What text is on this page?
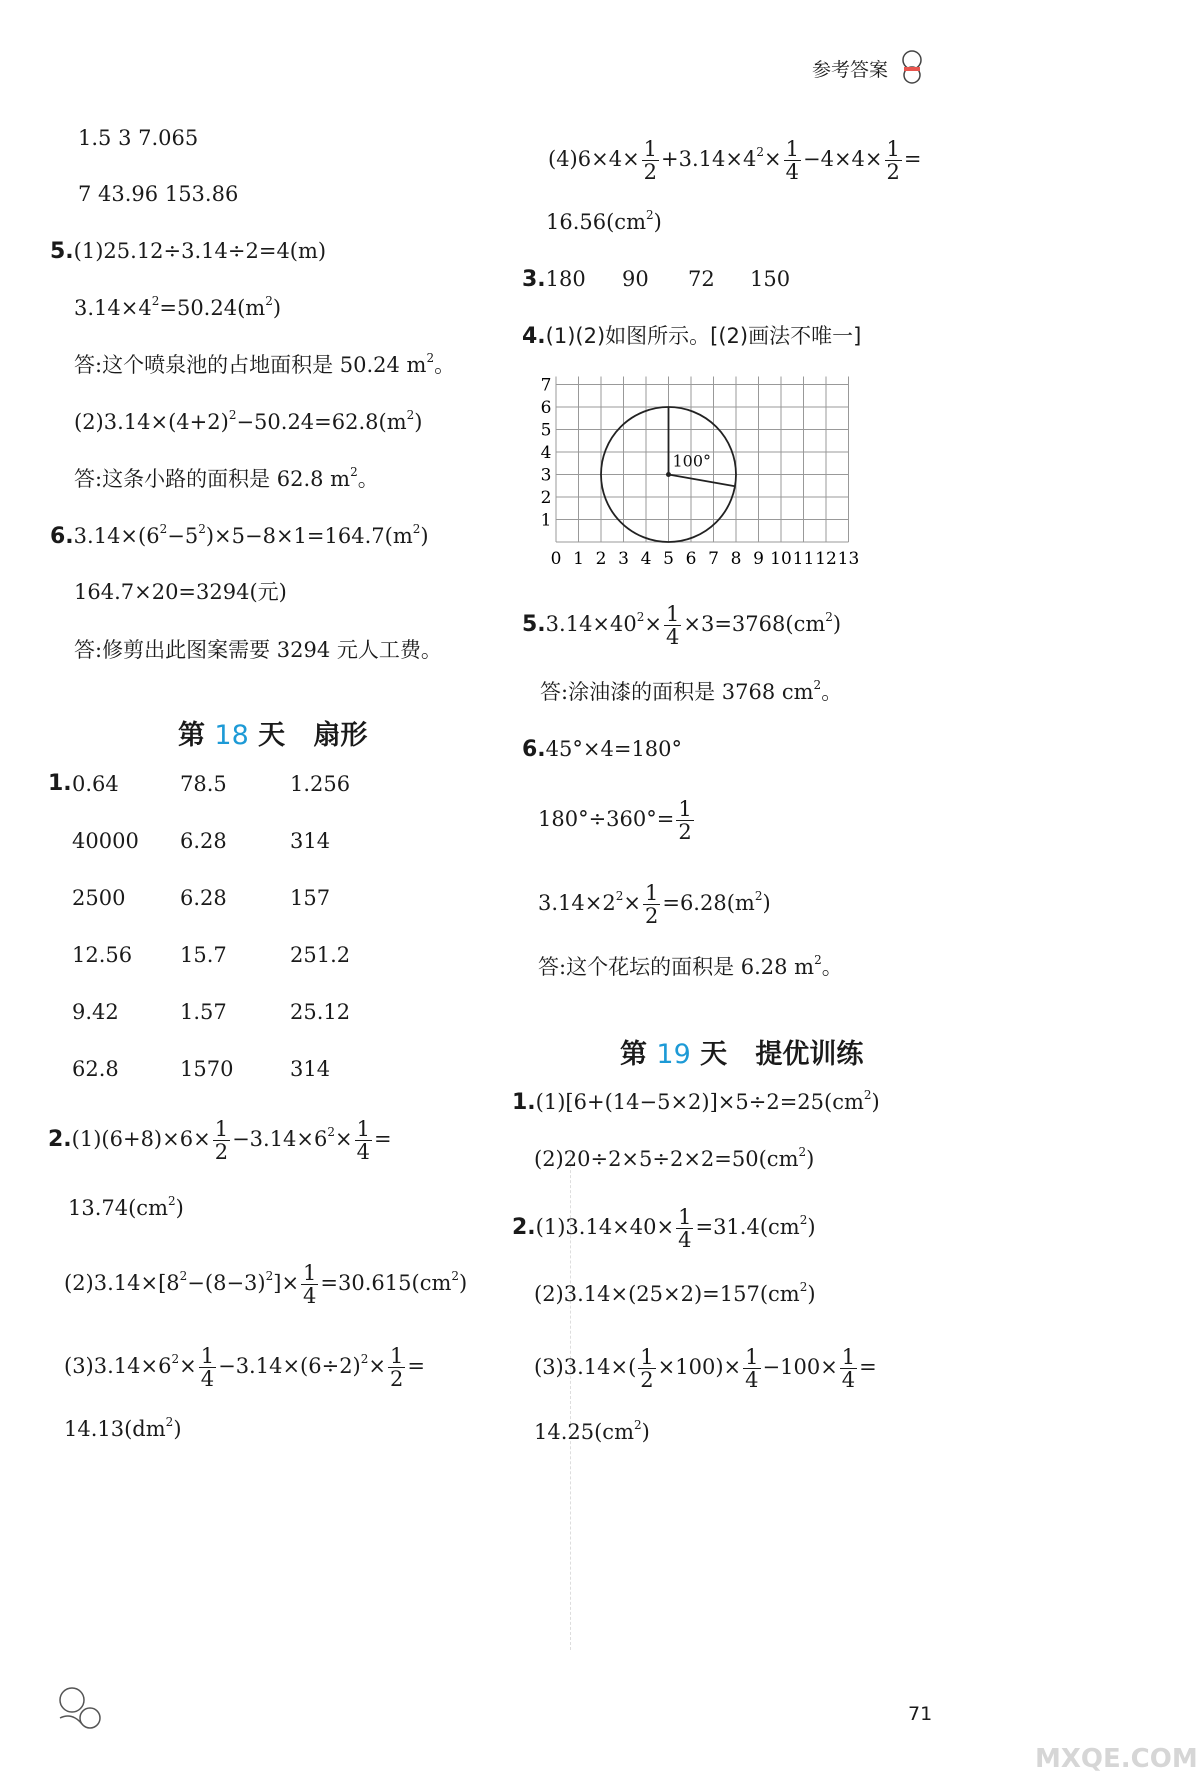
参考答案
1.5 3 7.065
7 43.96 153.86
5.(1)25.12÷3.14÷2=4(m)
$3.14\times 4^2=50.24(m^2)$
答:这个喷泉池的占地面积是 50.24 $m^2$。
$(2)3.14\times(4+2)^2-50.24=62.8(m^2)$
答:这条小路的面积是 62.8 $m^2$。
$6.3.14\times(6^2-5^2)\times 5-8\times 1=164.7(m^2)$
164.7×20=3294(元)
答:修剪出此图案需要 3294 元人工费。
第 18 天 扇形
1. 0.64	78.5	1.256
40000 6.28	314
2500	6.28	157
12.56 15.7	251.2
9.42	1.57	25.12
62.8	1570	314
$2.(1)(6+8)\times 6\times \frac{1}{2} -3.14\times 6^2\times \frac{1}{4}$ =
$13.74(cm^2)$
$(2)3.14\times[8^2-(8-3)^2]\times \frac{1}{4} =30.615(cm^2)$
$(3)3.14\times 6^2\times \frac{1}{4} -3.14\times(6\div 2)^2\times \frac{1}{2}$ =
$14.13(dm^2)$
$(4)6\times 4\times \frac{1}{2} +3.14\times 4^2\times \frac{1}{4} -4\times 4\times \frac{1}{2}$ =
$16.56(cm^2)$
3.180 90 72 150
4.(1)(2)如图所示。[(2)画法不唯一]
0 1 2 3 4 5 6 7 8 9 10 11 12 13
1
2
3
4
5
6
7
100°
$5.3.14\times 40^2\times \frac{1}{4} \times 3=3768(cm^2)$
答:涂油漆的面积是 3768 $cm^2$。
6.45°×4=180°
$180^\circ\div 360^\circ= \frac{1}{2}$
$3.14\times 2^2\times \frac{1}{2} =6.28(m^2)$
答:这个花坛的面积是 6.28 $m^2$。
第 19 天 提优训练
$1.(1)[6+(14-5\times 2)]\times 5\div 2=25(cm^2)$
$(2)20\div 2\times 5\div 2\times 2=50(cm^2)$
$2.(1)3.14\times 40\times \frac{1}{4} =31.4(cm^2)$
$(2)3.14\times(25\times 2)=157(cm^2)$
$(3)3.14\times( \frac{1}{2} \times 100)\times \frac{1}{4} -100\times \frac{1}{4}$ =
$14.25(cm^2)$
71
MXQE.COM
